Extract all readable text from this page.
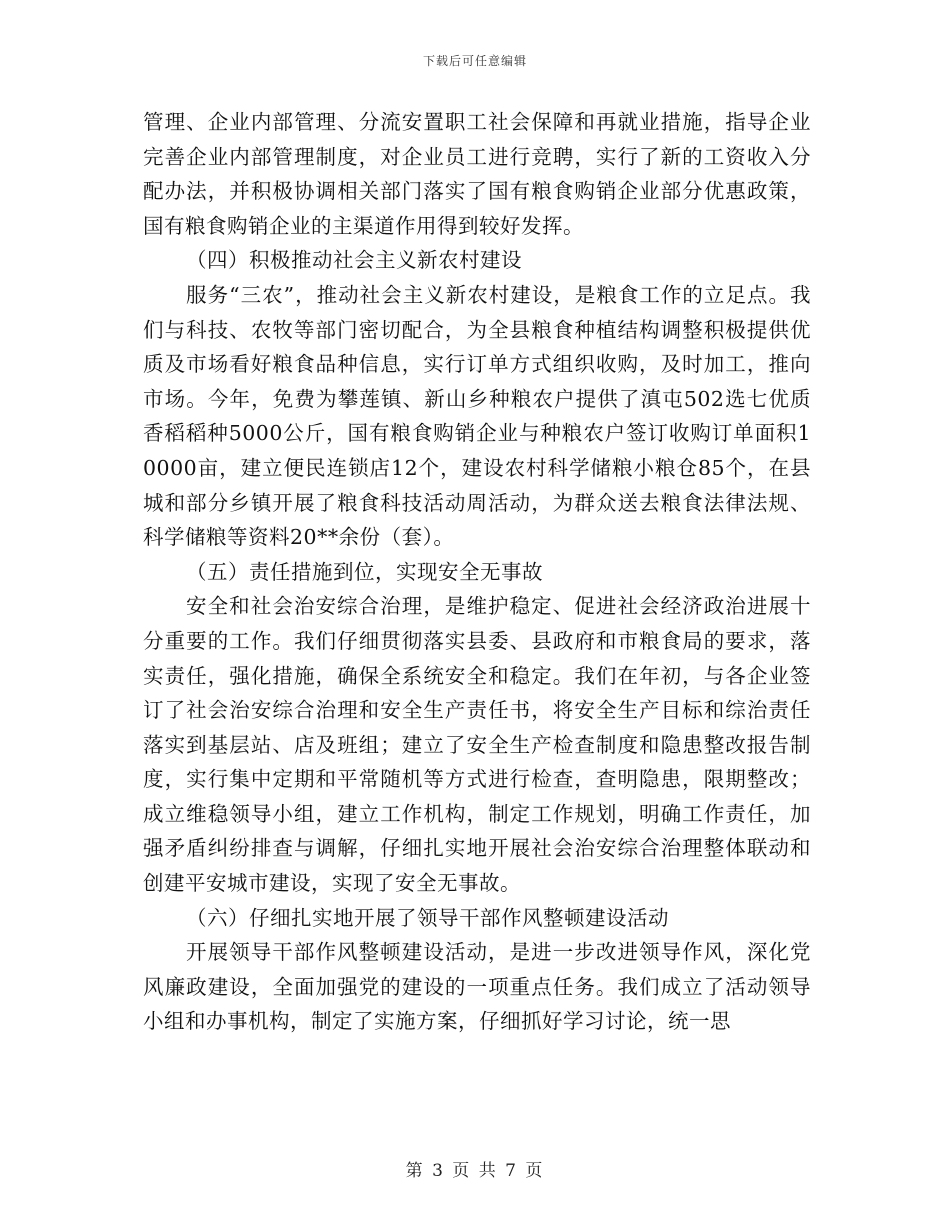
下载后可任意编辑

管理、企业内部管理、分流安置职工社会保障和再就业措施，指导企业完善企业内部管理制度，对企业员工进行竞聘，实行了新的工资收入分配办法，并积极协调相关部门落实了国有粮食购销企业部分优惠政策，国有粮食购销企业的主渠道作用得到较好发挥。

（四）积极推动社会主义新农村建设

服务“三农”，推动社会主义新农村建设，是粮食工作的立足点。我们与科技、农牧等部门密切配合，为全县粮食种植结构调整积极提供优质及市场看好粮食品种信息，实行订单方式组织收购，及时加工，推向市场。今年，免费为攀莲镇、新山乡种粮农户提供了滇屯502选七优质香稻稻种5000公斤，国有粮食购销企业与种粮农户签订收购订单面积10000亩，建立便民连锁店12个，建设农村科学储粮小粮仓85个，在县城和部分乡镇开展了粮食科技活动周活动，为群众送去粮食法律法规、科学储粮等资料20**余份（套）。

（五）责任措施到位，实现安全无事故

安全和社会治安综合治理，是维护稳定、促进社会经济政治进展十分重要的工作。我们仔细贯彻落实县委、县政府和市粮食局的要求，落实责任，强化措施，确保全系统安全和稳定。我们在年初，与各企业签订了社会治安综合治理和安全生产责任书，将安全生产目标和综治责任落实到基层站、店及班组；建立了安全生产检查制度和隐患整改报告制度，实行集中定期和平常随机等方式进行检查，查明隐患，限期整改；成立维稳领导小组，建立工作机构，制定工作规划，明确工作责任，加强矛盾纠纷排查与调解，仔细扎实地开展社会治安综合治理整体联动和创建平安城市建设，实现了安全无事故。

（六）仔细扎实地开展了领导干部作风整顿建设活动

开展领导干部作风整顿建设活动，是进一步改进领导作风，深化党风廉政建设，全面加强党的建设的一项重点任务。我们成立了活动领导小组和办事机构，制定了实施方案，仔细抓好学习讨论，统一思

第 3 页 共 7 页
